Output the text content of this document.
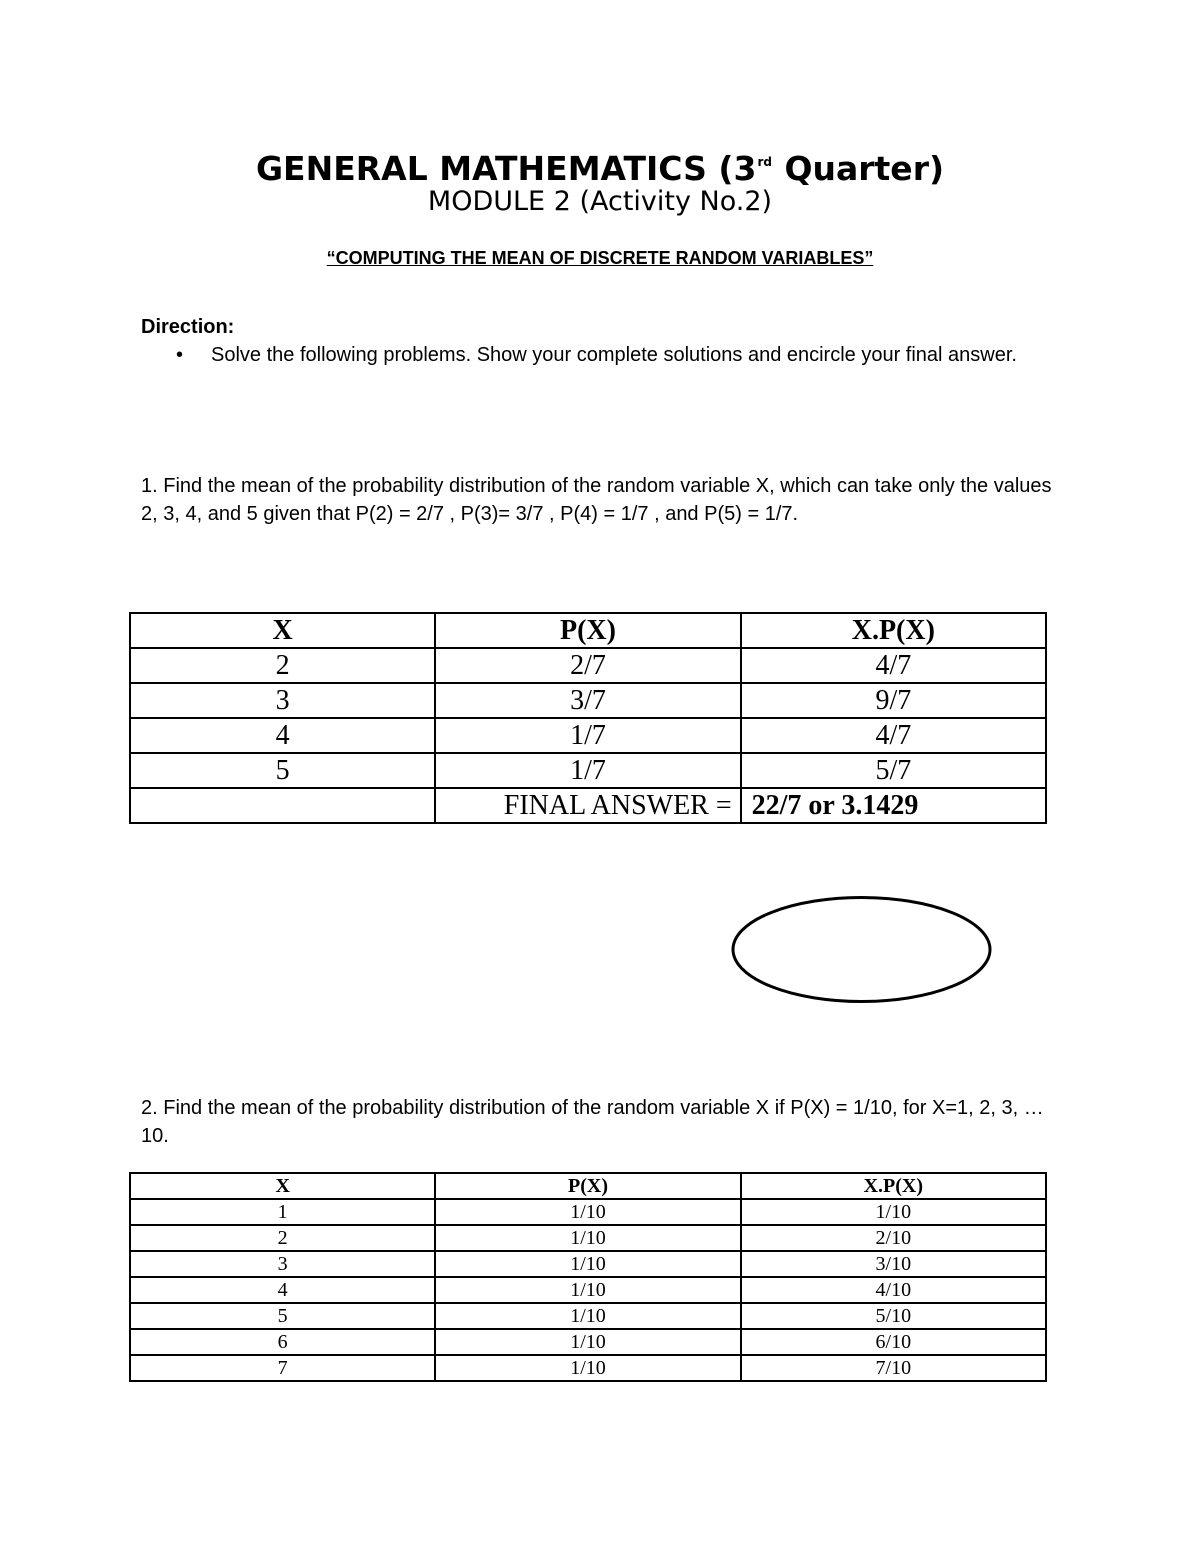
GENERAL MATHEMATICS (3rd Quarter)
MODULE 2 (Activity No.2)
“COMPUTING THE MEAN OF DISCRETE RANDOM VARIABLES”
Direction:
• Solve the following problems. Show your complete solutions and encircle your final answer.
1. Find the mean of the probability distribution of the random variable X, which can take only the values 2, 3, 4, and 5 given that P(2) = 2/7 , P(3)= 3/7 , P(4) = 1/7 , and P(5) = 1/7.
X	P(X)	X.P(X)
2	2/7	4/7
3	3/7	9/7
4	1/7	4/7
5	1/7	5/7
	FINAL ANSWER =	22/7 or 3.1429
2. Find the mean of the probability distribution of the random variable X if P(X) = 1/10, for X=1, 2, 3, …10.
X	P(X)	X.P(X)
1	1/10	1/10
2	1/10	2/10
3	1/10	3/10
4	1/10	4/10
5	1/10	5/10
6	1/10	6/10
7	1/10	7/10
